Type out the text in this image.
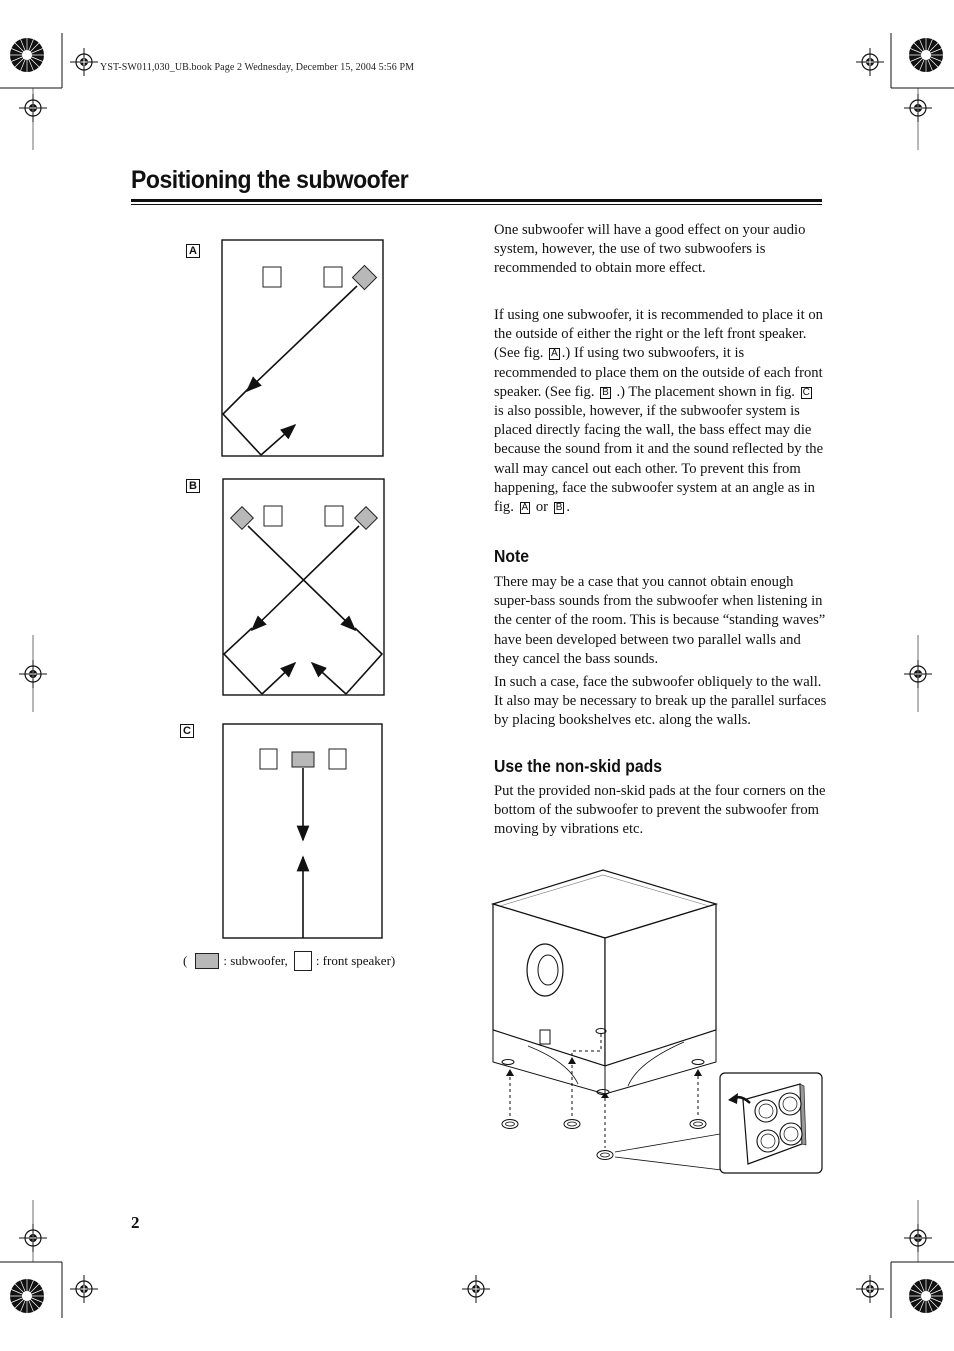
YST-SW011,030_UB.book Page 2 Wednesday, December 15, 2004 5:56 PM
Positioning the subwoofer
A
B
C
(	: subwoofer, : front speaker)

One subwoofer will have a good effect on your audio system, however, the use of two subwoofers is recommended to obtain more effect.

If using one subwoofer, it is recommended to place it on the outside of either the right or the left front speaker. (See fig. A .) If using two subwoofers, it is recommended to place them on the outside of each front speaker. (See fig. B .) The placement shown in fig. C is also possible, however, if the subwoofer system is placed directly facing the wall, the bass effect may die because the sound from it and the sound reflected by the wall may cancel out each other. To prevent this from happening, face the subwoofer system at an angle as in fig. A or B .

Note

There may be a case that you cannot obtain enough super-bass sounds from the subwoofer when listening in the center of the room. This is because “standing waves” have been developed between two parallel walls and they cancel the bass sounds.

In such a case, face the subwoofer obliquely to the wall. It also may be necessary to break up the parallel surfaces by placing bookshelves etc. along the walls.

Use the non-skid pads

Put the provided non-skid pads at the four corners on the bottom of the subwoofer to prevent the subwoofer from moving by vibrations etc.

2
